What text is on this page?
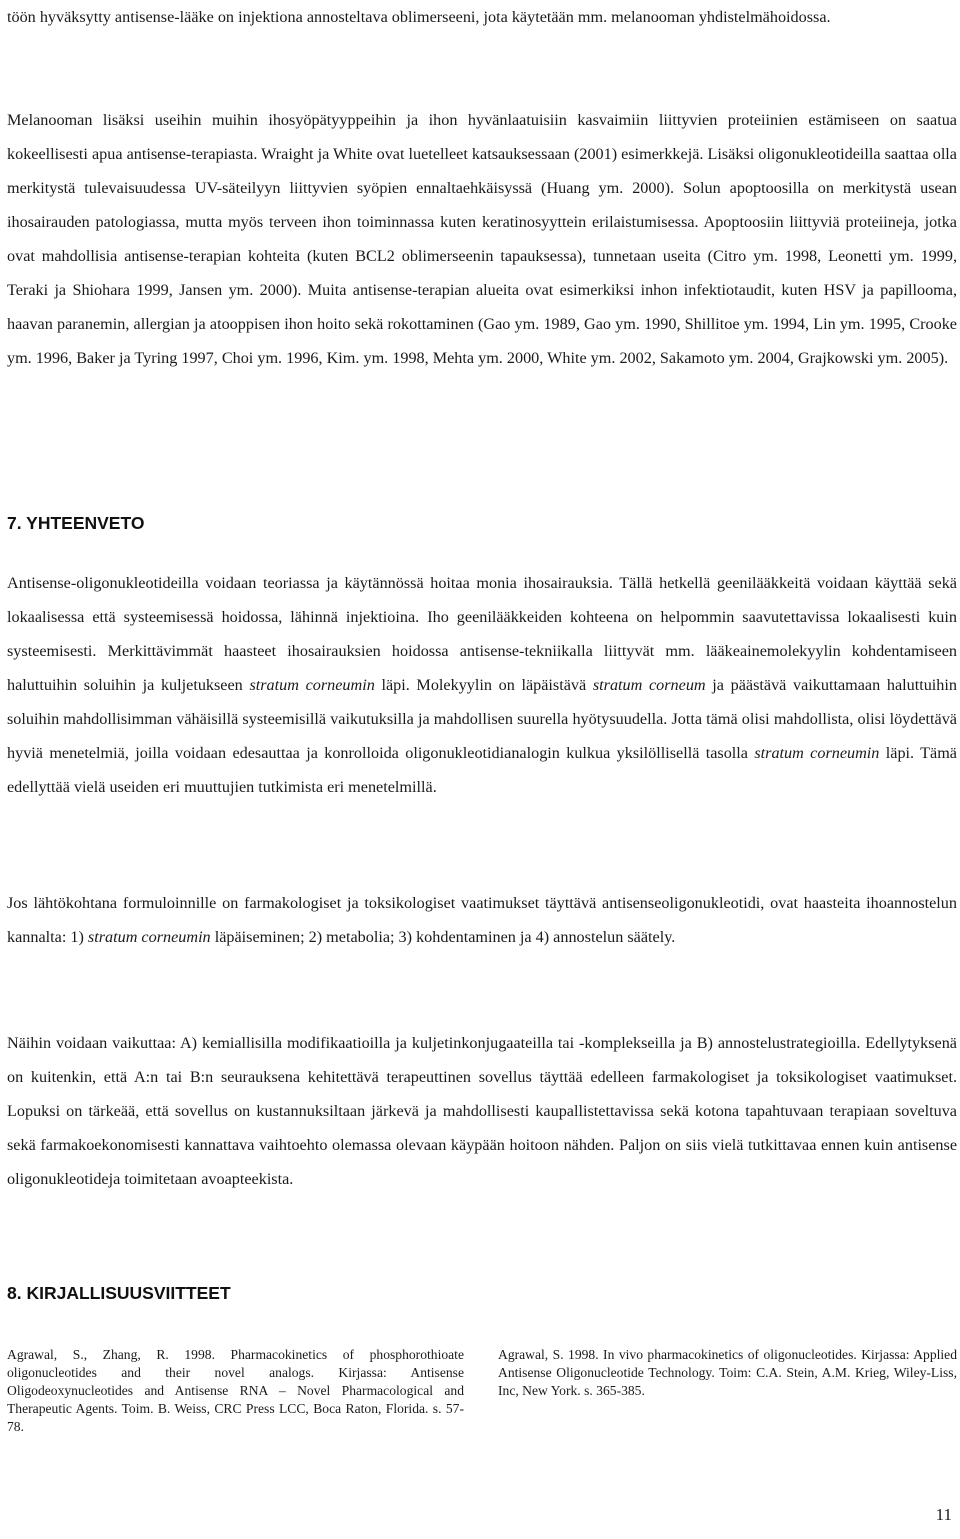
töön hyväksytty antisense-lääke on injektiona annosteltava oblimerseeni, jota käytetään mm. melanooman yhdistelmähoidossa.

Melanooman lisäksi useihin muihin ihosyöpätyyppeihin ja ihon hyvänlaatuisiin kasvaimiin liittyvien proteiinien estämiseen on saatua kokeellisesti apua antisense-terapiasta. Wraight ja White ovat luetelleet katsauksessaan (2001) esimerkkejä. Lisäksi oligonukleotideilla saattaa olla merkitystä tulevaisuudessa UV-säteilyyn liittyvien syöpien ennaltaehkäisyssä (Huang ym. 2000). Solun apoptoosilla on merkitystä usean ihosairauden patologiassa, mutta myös terveen ihon toiminnassa kuten keratinosyyttein erilaistumisessa. Apoptoosiin liittyviä proteiineja, jotka ovat mahdollisia antisense-terapian kohteita (kuten BCL2 oblimerseenin tapauksessa), tunnetaan useita (Citro ym. 1998, Leonetti ym. 1999, Teraki ja Shiohara 1999, Jansen ym. 2000). Muita antisense-terapian alueita ovat esimerkiksi inhon infektiotaudit, kuten HSV ja papillooma, haavan paranemin, allergian ja atooppisen ihon hoito sekä rokottaminen (Gao ym. 1989, Gao ym. 1990, Shillitoe ym. 1994, Lin ym. 1995, Crooke ym. 1996, Baker ja Tyring 1997, Choi ym. 1996, Kim. ym. 1998, Mehta ym. 2000, White ym. 2002, Sakamoto ym. 2004, Grajkowski ym. 2005).

7. YHTEENVETO

Antisense-oligonukleotideilla voidaan teoriassa ja käytännössä hoitaa monia ihosairauksia. Tällä hetkellä geenilääkkeitä voidaan käyttää sekä lokaalisessa että systeemisessä hoidossa, lähinnä injektioina. Iho geenilääkkeiden kohteena on helpommin saavutettavissa lokaalisesti kuin systeemisesti. Merkittävimmät haasteet ihosairauksien hoidossa antisense-tekniikalla liittyvät mm. lääkeainemolekyylin kohdentamiseen haluttuihin soluihin ja kuljetukseen stratum corneumin läpi. Molekyylin on läpäistävä stratum corneum ja päästävä vaikuttamaan haluttuihin soluihin mahdollisimman vähäisillä systeemisillä vaikutuksilla ja mahdollisen suurella hyötysuudella. Jotta tämä olisi mahdollista, olisi löydettävä hyviä menetelmiä, joilla voidaan edesauttaa ja konrolloida oligonukleotidianalogin kulkua yksilöllisellä tasolla stratum corneumin läpi. Tämä edellyttää vielä useiden eri muuttujien tutkimista eri menetelmillä.

Jos lähtökohtana formuloinnille on farmakologiset ja toksikologiset vaatimukset täyttävä antisenseoligonukleotidi, ovat haasteita ihoannostelun kannalta: 1) stratum corneumin läpäiseminen; 2) metabolia; 3) kohdentaminen ja 4) annostelun säätely.

Näihin voidaan vaikuttaa: A) kemiallisilla modifikaatioilla ja kuljetinkonjugaateilla tai -komplekseilla ja B) annostelustrategioilla. Edellytyksenä on kuitenkin, että A:n tai B:n seurauksena kehitettävä terapeuttinen sovellus täyttää edelleen farmakologiset ja toksikologiset vaatimukset. Lopuksi on tärkeää, että sovellus on kustannuksiltaan järkevä ja mahdollisesti kaupallistettavissa sekä kotona tapahtuvaan terapiaan soveltuva sekä farmakoekonomisesti kannattava vaihtoehto olemassa olevaan käypään hoitoon nähden. Paljon on siis vielä tutkittavaa ennen kuin antisense oligonukleotideja toimitetaan avoapteekista.

8. KIRJALLISUUSVIITTEET
Agrawal, S., Zhang, R. 1998. Pharmacokinetics of phosphorothioate oligonucleotides and their novel analogs. Kirjassa: Antisense Oligodeoxynucleotides and Antisense RNA – Novel Pharmacological and Therapeutic Agents. Toim. B. Weiss, CRC Press LCC, Boca Raton, Florida. s. 57-78.
Agrawal, S. 1998. In vivo pharmacokinetics of oligonucleotides. Kirjassa: Applied Antisense Oligonucleotide Technology. Toim: C.A. Stein, A.M. Krieg, Wiley-Liss, Inc, New York. s. 365-385.
11
